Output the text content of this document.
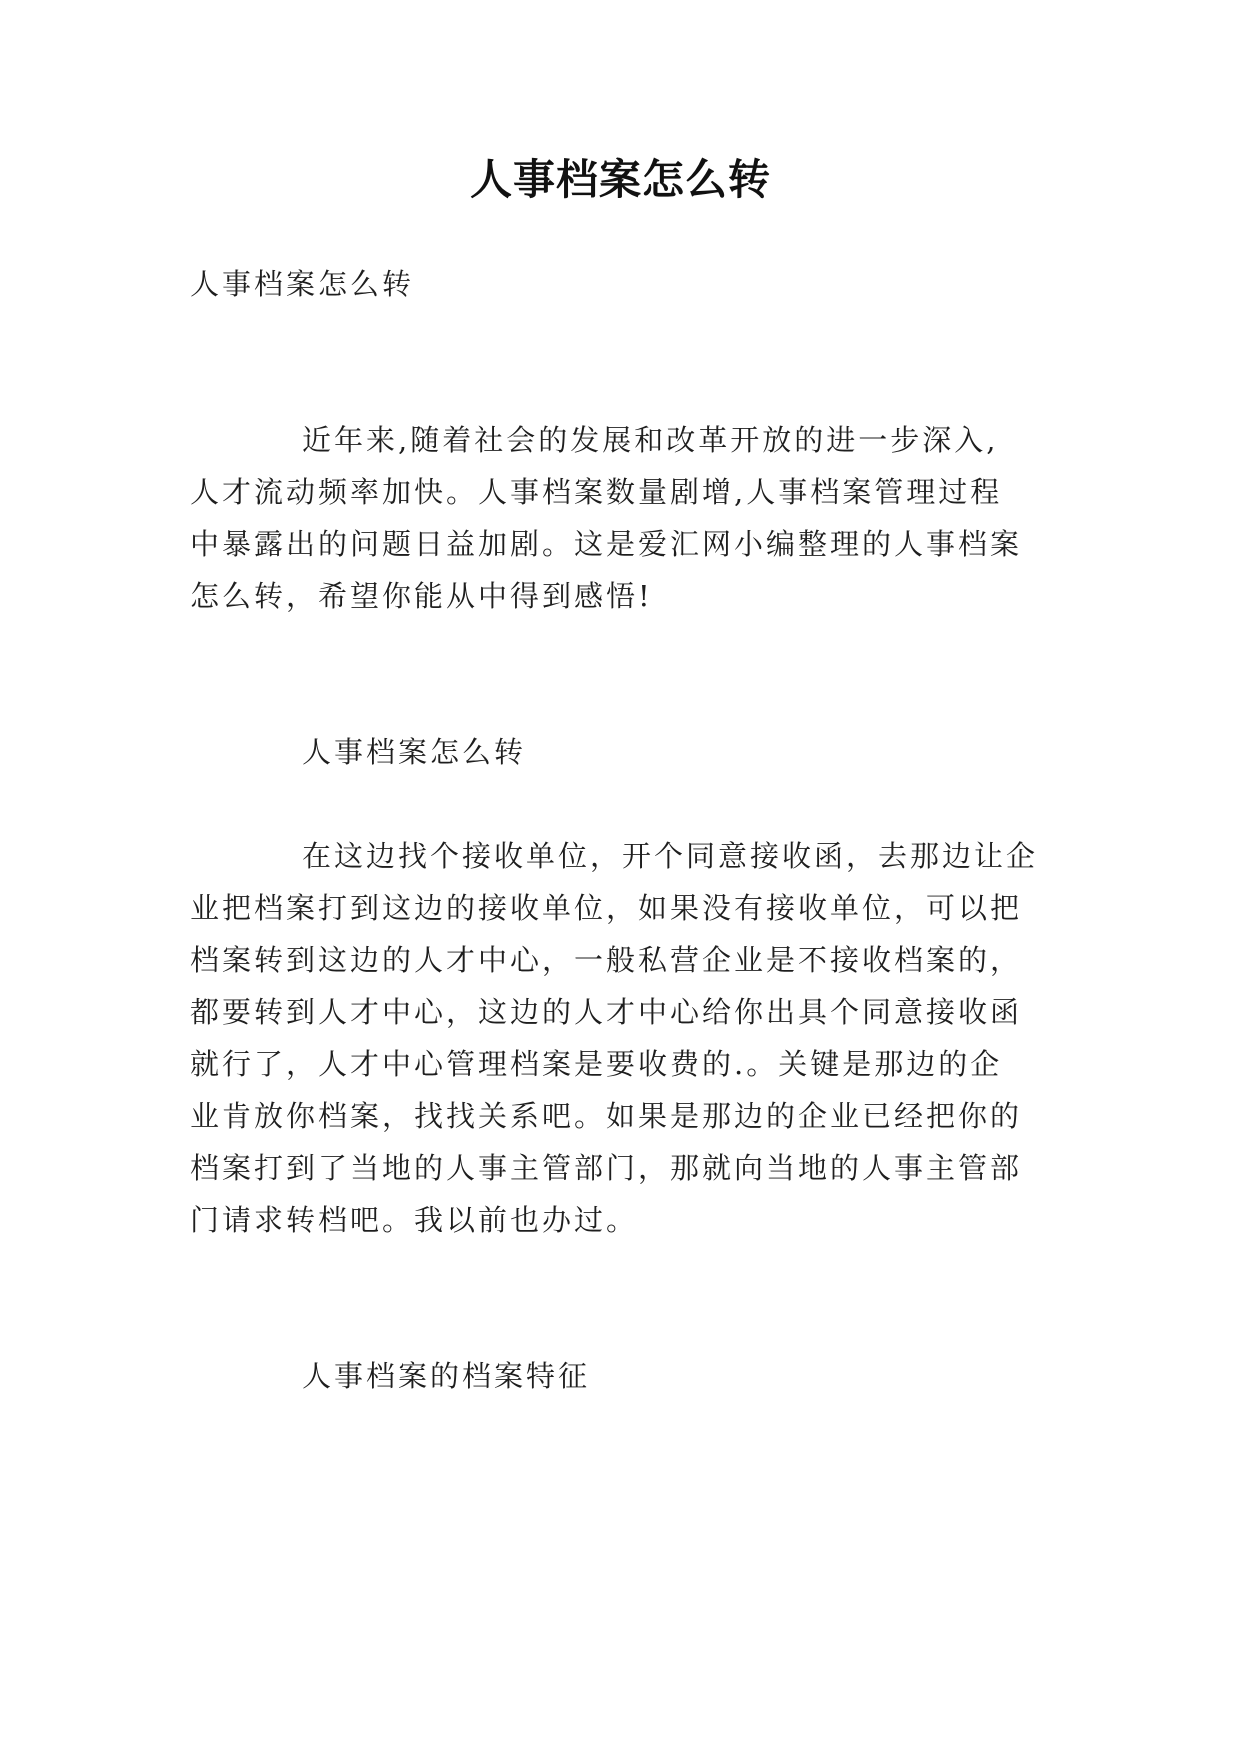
人事档案怎么转
人事档案怎么转
近年来,随着社会的发展和改革开放的进一步深入,
人才流动频率加快。人事档案数量剧增,人事档案管理过程
中暴露出的问题日益加剧。这是爱汇网小编整理的人事档案
怎么转，希望你能从中得到感悟!
人事档案怎么转
在这边找个接收单位，开个同意接收函，去那边让企
业把档案打到这边的接收单位，如果没有接收单位，可以把
档案转到这边的人才中心，一般私营企业是不接收档案的，
都要转到人才中心，这边的人才中心给你出具个同意接收函
就行了，人才中心管理档案是要收费的.。关键是那边的企
业肯放你档案，找找关系吧。如果是那边的企业已经把你的
档案打到了当地的人事主管部门，那就向当地的人事主管部
门请求转档吧。我以前也办过。
人事档案的档案特征
